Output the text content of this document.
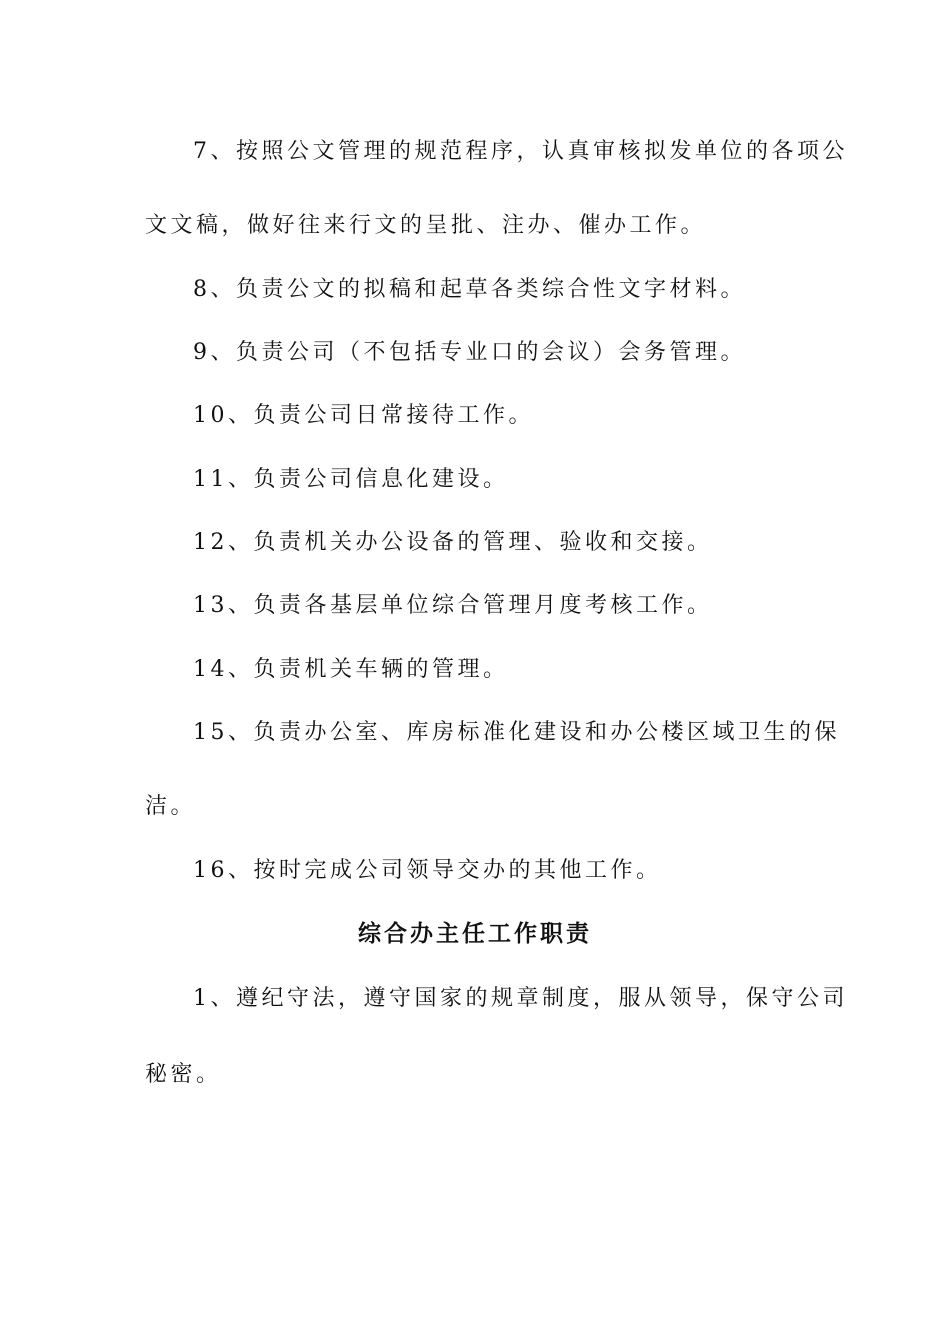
7、按照公文管理的规范程序，认真审核拟发单位的各项公
文文稿，做好往来行文的呈批、注办、催办工作。
8、负责公文的拟稿和起草各类综合性文字材料。
9、负责公司（不包括专业口的会议）会务管理。
10、负责公司日常接待工作。
11、负责公司信息化建设。
12、负责机关办公设备的管理、验收和交接。
13、负责各基层单位综合管理月度考核工作。
14、负责机关车辆的管理。
15、负责办公室、库房标准化建设和办公楼区域卫生的保
洁。
16、按时完成公司领导交办的其他工作。
综合办主任工作职责
1、遵纪守法，遵守国家的规章制度，服从领导，保守公司
秘密。
